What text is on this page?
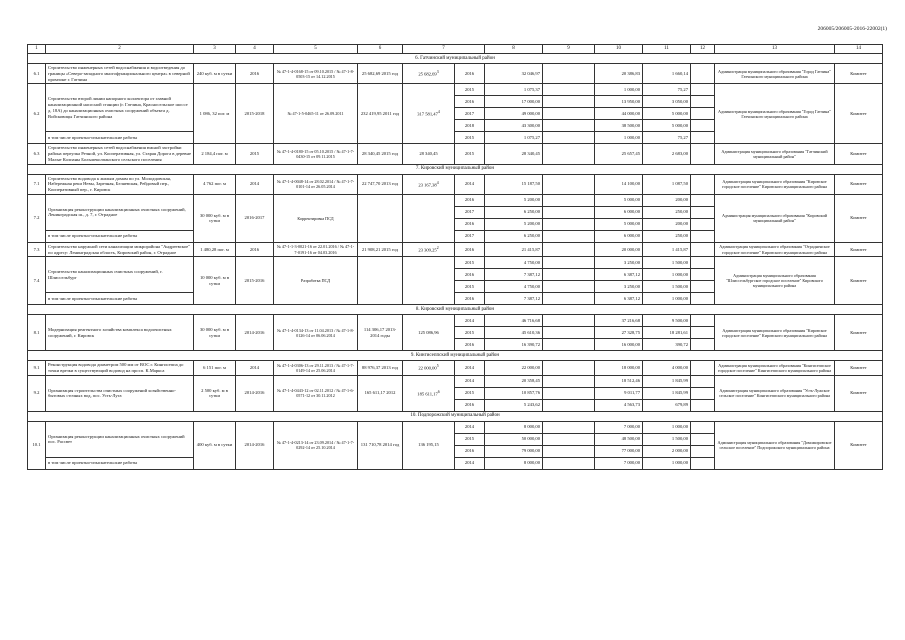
206005/206005-2016-22002(1)
1	2	3	4	5	6	7		8	9	10	11	12	13	14
6. Гатчинский муниципальный район														
6.1	Строительство инженерных сетей водоснабжения и водоотведения до границы «Северо-западного многофункционального центра» в северной промзоне г. Гатчина	240 куб. м в сутки	2016	№ 47-1-4-0168-15 от 09.10.2015 / № 47-1-8-0503-15 от 14.12.2015	25 682,69 2015 год	25 682,69$^3$	2016	32 046,97		20 386,83	1 660,14		Администрация муниципального образования "Город Гатчина" Гатчинского муниципального района	Комитет
6.2	Строительство второй линии напорного коллектора от главной канализационной насосной станции (г. Гатчина, Красносельское шоссе д. 18А) до канализационных очистных сооружений объекта д. Войсковицы Гатчинского района	1 086, 32 пог. м	2015-2018	№ 47-1-5-0465-11 от 26.09.2011	232 419,95 2011 год	317 581,47$^4$	2015	1 075,37		1 000,00	75,27		Администрация муниципального образования "Город Гатчина" Гатчинского муниципального района	Комитет
							2016	17 000,00		13 950,00	3 050,00			
							2017	49 000,00		44 000,00	5 000,00			
							2018	43 300,00		38 500,00	5 000,00			
	в том числе проектно-изыскательские работы						2015	1 075,27		1 000,00	75,27			
6.3	Строительство инженерных сетей водоснабжения южной застройки района переулка Речной, ул. Кооперативная, ул. Старая Дорога в деревне Малые Колпаны Большеколпанского сельского поселения	2 184,4 пог. м	2015	№ 47-1-4-0180-15 от 05.10.2015 / № 47-1-7-0430-15 от 09.11.2015	28 340,45 2015 год	28 340,45	2015	28 340,45		25 657,45	2 683,00		Администрация муниципального образования "Гатчинский муниципальный район"	Комитет
7. Кировский муниципальный район														
7.1	Строительство водовода к жилым домам по ул. Молодцовская, Набережная реки Невы, Заречная, Беляевская, Рейдовый пер., Кооперативный пер., г. Кировск	4 762 пог. м	2014	№ 47-1-4-0048-14 от 28.02.2014 / № 47-1-7-0101-14 от 26.05.2014	22 747,70 2013 год	23 167,38$^4$	2014	15 187,50		14 100,00	1 087,50		Администрация муниципального образования "Кировское городское поселение" Кировского муниципального района	Комитет
7.2	Организация реконструкции канализационных очистных сооружений, Ленинградская ш., д. 7, г. Отрадное	30 000 куб. м в сутки	2016-2017	Корректировка ПСД			2016	5 200,00		5 000,00	200,00		Администрация муниципального образования "Кировский муниципальный район"	Комитет
							2017	6 250,00		6 000,00	250,00			
							2016	5 200,00		5 000,00	200,00			
	в том числе проектно-изыскательские работы						2017	6 250,00		6 000,00	250,00			
7.3	Строительство наружной сети канализации микрорайона "Андреевское" по адресу: Ленинградская область, Кировский район, г. Отрадное	1 480,28 пог. м	2016	№ 47-1-1-3-0021-16 от 22.01.2016 / № 47-1-7-0191-16 от 04.03.2016	21 908,21 2015 год	23 309,25$^2$	2016	21 415,87		20 000,00	1 415,87		Администрация муниципального образования "Отрадненское городское поселение" Кировского муниципального района	Комитет
7.4	Строительство канализационных очистных сооружений, г. Шлиссельбург	10 000 куб. м в сутки	2015-2016	Разработка ПСД			2015	4 750,00		3 250,00	1 500,00		Администрация муниципального образования "Шлиссельбургское городское поселение" Кировского муниципального района	Комитет
							2016	7 387,12		6 387,12	1 000,00			
							2015	4 750,00		3 250,00	1 500,00			
	в том числе проектно-изыскательские работы						2016	7 387,12		6 387,12	1 000,00			
8. Кировский муниципальный район														
8.1	Модернизация реагентного хозяйства комплекса водоочистных сооружений, г. Кировск	30 000 куб. м в сутки	2014-2016	№ 47-1-4-0134-13 от 11.04.2013 / № 47-1-8-0126-14 от 06.06.2014	114 306,17 2013-2014 годы	125 086,96	2014	46 716,68		37 216,68	9 500,00		Администрация муниципального образования "Кировское городское поселение" Кировского муниципального района	Комитет
							2015	45 610,36		27 328,75	18 281,61			
							2016	16 390,72		16 000,00	390,72			
9. Кингисеппский муниципальный район														
9.1	Реконструкция водовода диаметром 500 мм от ВОС г. Кингисеппа до точки врезки в существующий водовод на просп. К.Маркса	6 151 пог. м	2014	№ 47-1-4-0306-13 от 29.11.2013 / № 47-1-7-0149-14 от 25.06.2014	88 976,37 2013 год	22 000,00$^5$	2014	22 000,00		18 000,00	4 000,00		Администрация муниципального образования "Кингисеппское городское поселение" Кингисеппского муниципального района	Комитет
9.2	Организация строительства очистных сооружений хозяйственно-бытовых сточных вод, пос. Усть-Луга	2 500 куб. м в сутки	2014-2016	№ 47-1-4-0443-12 от 02.11.2012 / № 47-1-6-0571-12 от 30.11.2012	165 611,17 2012	185 611,17$^6$	2014	20 358,45		18 512,46	1 845,99		Администрация муниципального образования "Усть-Лужское сельское поселение" Кингисеппского муниципального района	Комитет
							2015	10 857,76		9 011,77	1 845,99			
							2016	5 243,62		4 563,73	679,89			
10. Подпорожский муниципальный район														
10.1	Организация реконструкции канализационных очистных сооружений пос. Рассвет	400 куб. м в сутки	2014-2016	№ 47-1-4-0213-14 от 23.09.2014 / № 47-1-7-0292-14 от 25.10.2014	131 710,78 2014 год	136 195,15	2014	8 000,00		7 000,00	1 000,00		Администрация муниципального образования "Доможировское сельское поселение" Подпорожского муниципального района	Комитет
							2015	50 000,00		48 500,00	1 500,00			
							2016	79 000,00		77 000,00	2 000,00			
	в том числе проектно-изыскательские работы						2014	8 000,00		7 000,00	1 000,00			
